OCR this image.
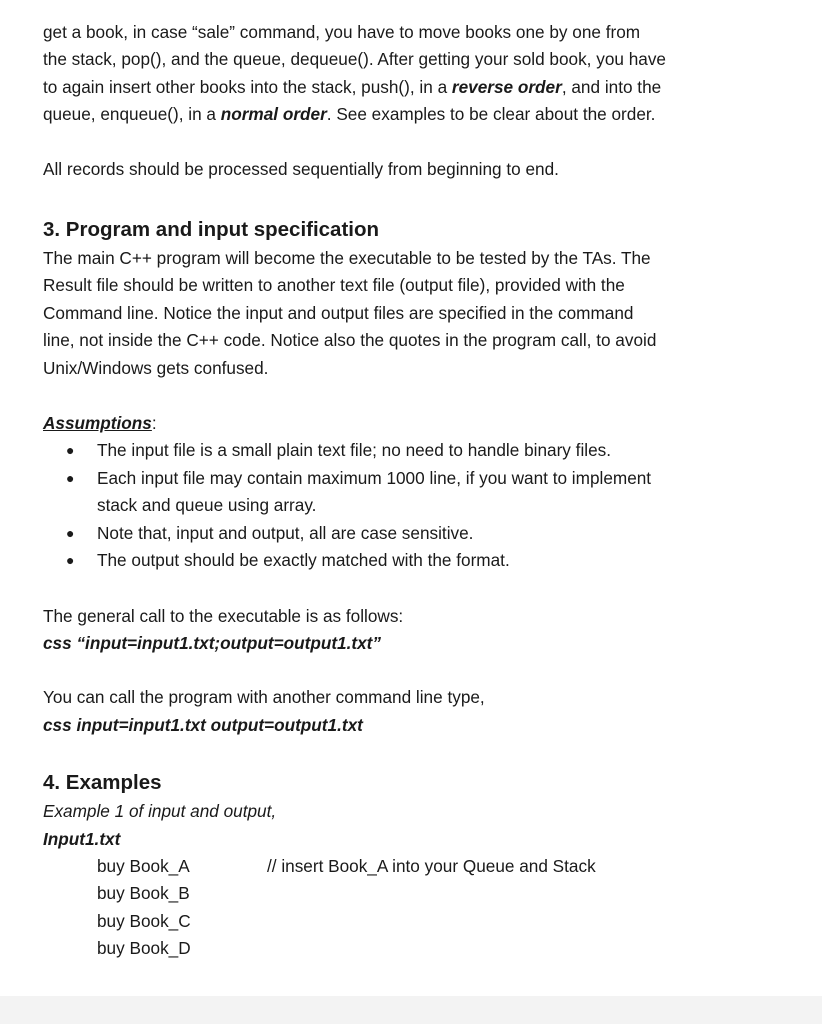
get a book, in case “sale” command, you have to move books one by one from

the stack, pop(), and the queue, dequeue(). After getting your sold book, you have

to again insert other books into the stack, push(), in a reverse order, and into the

queue, enqueue(), in a normal order. See examples to be clear about the order.

All records should be processed sequentially from beginning to end.

3. Program and input specification

The main C++ program will become the executable to be tested by the TAs. The

Result file should be written to another text file (output file), provided with the

Command line. Notice the input and output files are specified in the command

line, not inside the C++ code. Notice also the quotes in the program call, to avoid

Unix/Windows gets confused.

Assumptions:

● The input file is a small plain text file; no need to handle binary files.
● Each input file may contain maximum 1000 line, if you want to implement
stack and queue using array.
● Note that, input and output, all are case sensitive.
● The output should be exactly matched with the format.

The general call to the executable is as follows:

css “input=input1.txt;output=output1.txt”

You can call the program with another command line type,

css input=input1.txt output=output1.txt

4. Examples

Example 1 of input and output,

Input1.txt

buy Book_A	// insert Book_A into your Queue and Stack
buy Book_B
buy Book_C
buy Book_D
